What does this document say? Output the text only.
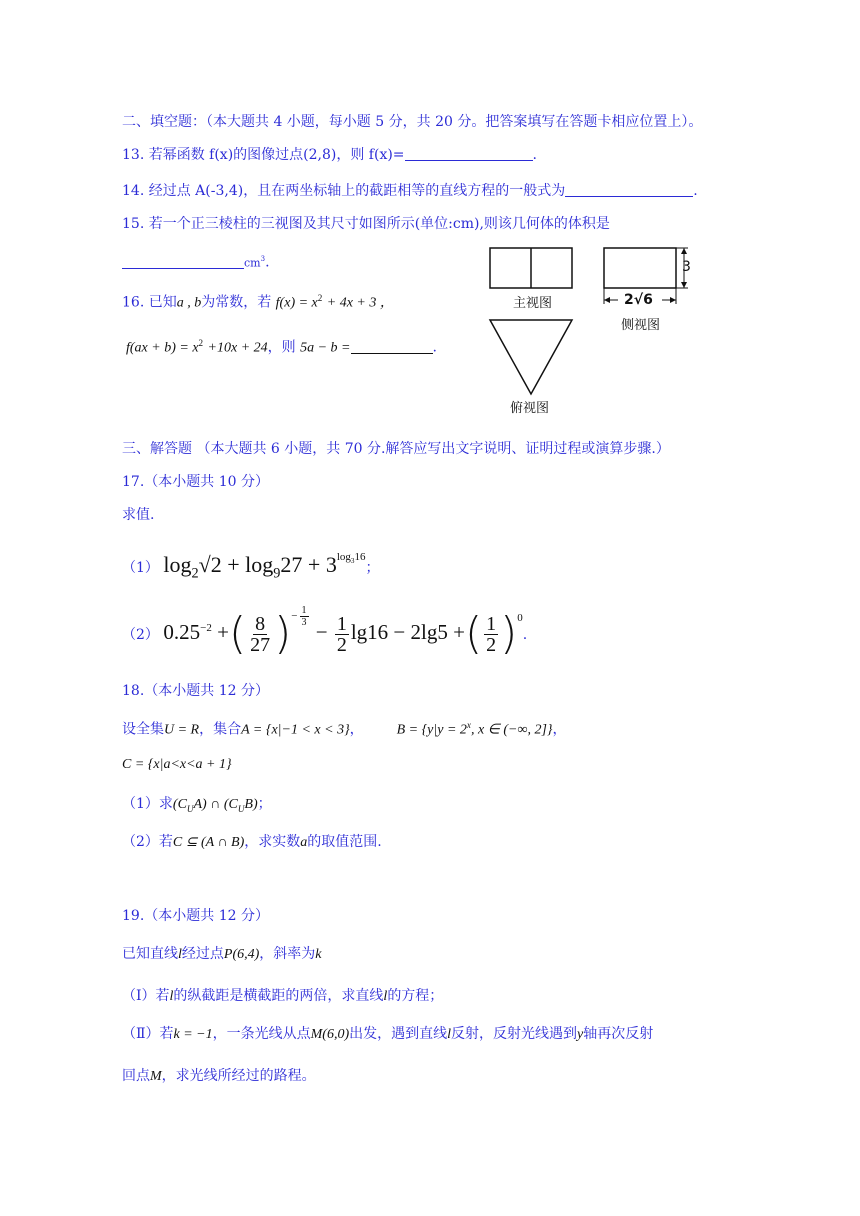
二、填空题：（本大题共 4 小题，每小题 5 分，共 20 分。把答案填写在答题卡相应位置上）。
13. 若幂函数 f(x)的图像过点(2,8)，则 f(x)=	.
14. 经过点 A(-3,4)，且在两坐标轴上的截距相等的直线方程的一般式为	.
15. 若一个正三棱柱的三视图及其尺寸如图所示(单位:cm),则该几何体的体积是
$cm^3$.
16. 已知a , b为常数，若 $f(x) = x^2 + 4x + 3$ ，
$f(ax + b) = x^2 +10x + 24$，则 5a − b =	.
主视图
侧视图
俯视图
3
2√6
三、解答题 （本大题共 6 小题，共 70 分.解答应写出文字说明、证明过程或演算步骤.）
17.（本小题共 10 分）
求值.
（1） $\log_2√2 + \log_927 + 3^{log_316}$；
（2） $0.25^{-2}$ +( $\frac{8}{27} )^{- \frac{1}{3}}$
− $\frac{1}{2} \lg 16 - 2\lg 5$ +( $\frac{1}{2} )^0$.
18.（本小题共 12 分）
设全集U = R，集合A = {x|−1 < x < 3}， $B = \{y|y = 2^x$, x ∈ (−∞, 2]}，
C = {x|a<x<a + 1}
（1）求$(C_UA)$ ∩ $(C_UB)$；
（2）若C ⊆ (A ∩ B)，求实数a的取值范围.
19.（本小题共 12 分）
已知直线l经过点P(6,4)，斜率为k
（Ⅰ）若l的纵截距是横截距的两倍，求直线l的方程；
（Ⅱ）若k = −1，一条光线从点M(6,0)出发，遇到直线l反射，反射光线遇到y轴再次反射
回点M，求光线所经过的路程。
